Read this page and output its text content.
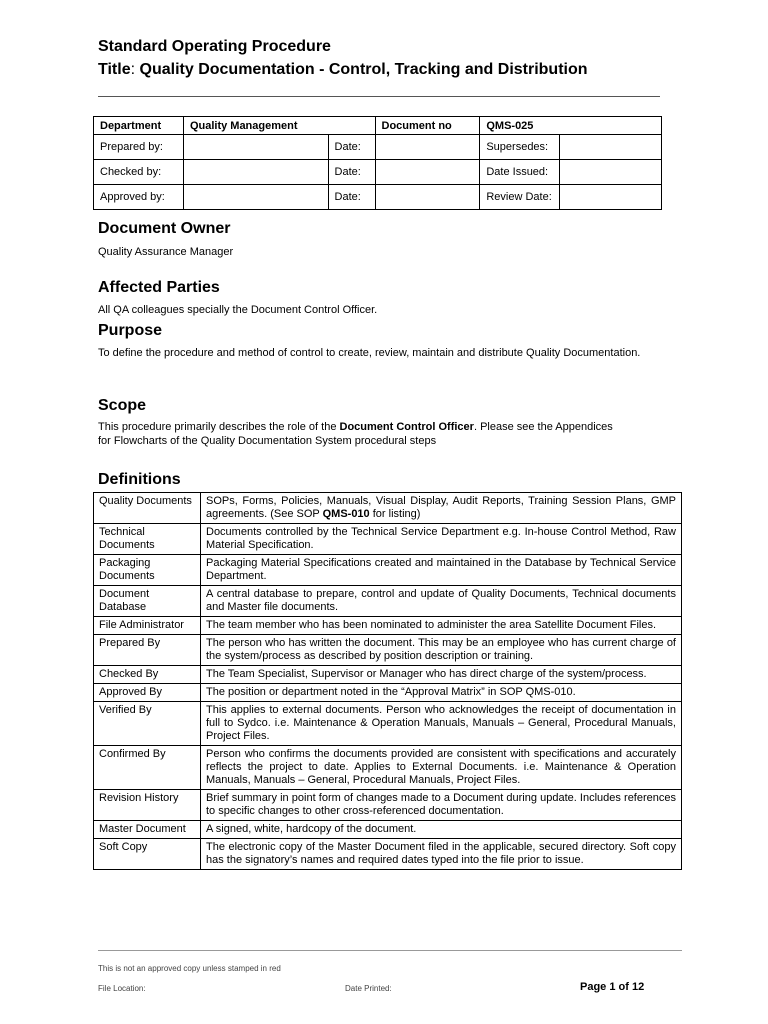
Standard Operating Procedure
Title: Quality Documentation - Control, Tracking and Distribution
Department	Quality Management		Document no	QMS-025	
Prepared by:		Date:		Supersedes:	
Checked by:		Date:		Date Issued:	
Approved by:		Date:		Review Date:	
Document Owner
Quality Assurance Manager
Affected Parties
All QA colleagues specially the Document Control Officer.
Purpose
To define the procedure and method of control to create, review, maintain and distribute Quality Documentation.
Scope
This procedure primarily describes the role of the Document Control Officer. Please see the Appendices
for Flowcharts of the Quality Documentation System procedural steps
Definitions
Quality Documents	SOPs, Forms, Policies, Manuals, Visual Display, Audit Reports, Training Session Plans, GMP agreements. (See SOP QMS-010 for listing)
Technical Documents	Documents controlled by the Technical Service Department e.g. In-house Control Method, Raw Material Specification.
Packaging Documents	Packaging Material Specifications created and maintained in the Database by Technical Service Department.
Document Database	A central database to prepare, control and update of Quality Documents, Technical documents and Master file documents.
File Administrator	The team member who has been nominated to administer the area Satellite Document Files.
Prepared By	The person who has written the document. This may be an employee who has current charge of the system/process as described by position description or training.
Checked By	The Team Specialist, Supervisor or Manager who has direct charge of the system/process.
Approved By	The position or department noted in the “Approval Matrix” in SOP QMS-010.
Verified By	This applies to external documents. Person who acknowledges the receipt of documentation in full to Sydco. i.e. Maintenance & Operation Manuals, Manuals – General, Procedural Manuals, Project Files.
Confirmed By	Person who confirms the documents provided are consistent with specifications and accurately reflects the project to date. Applies to External Documents. i.e. Maintenance & Operation Manuals, Manuals – General, Procedural Manuals, Project Files.
Revision History	Brief summary in point form of changes made to a Document during update. Includes references to specific changes to other cross-referenced documentation.
Master Document	A signed, white, hardcopy of the document.
Soft Copy	The electronic copy of the Master Document filed in the applicable, secured directory. Soft copy has the signatory’s names and required dates typed into the file prior to issue.
This is not an approved copy unless stamped in red
File Location:	Date Printed:	Page 1 of 12
